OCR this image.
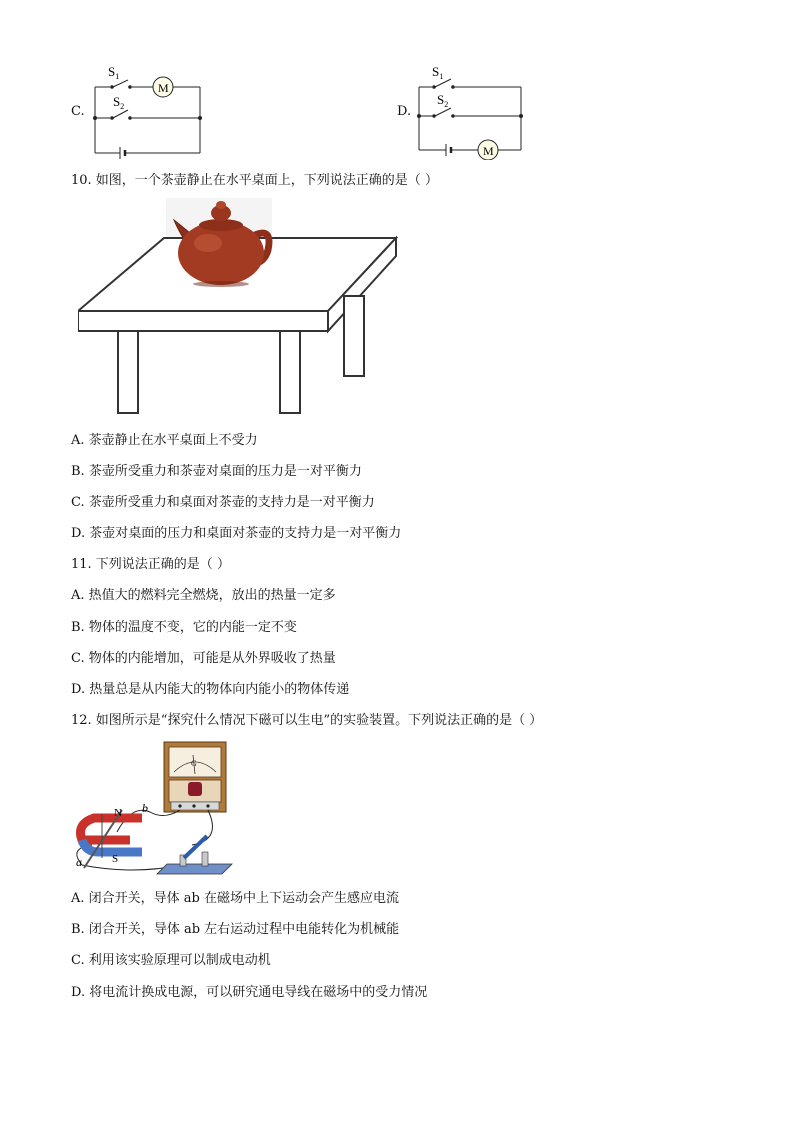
C.
$S_1$
$S_2$
M
D.
$S_1$
$S_2$
M
10. 如图，一个茶壶静止在水平桌面上，下列说法正确的是（ ）
A. 茶壶静止在水平桌面上不受力
B. 茶壶所受重力和茶壶对桌面的压力是一对平衡力
C. 茶壶所受重力和桌面对茶壶的支持力是一对平衡力
D. 茶壶对桌面的压力和桌面对茶壶的支持力是一对平衡力
11. 下列说法正确的是（ ）
A. 热值大的燃料完全燃烧，放出的热量一定多
B. 物体的温度不变，它的内能一定不变
C. 物体的内能增加，可能是从外界吸收了热量
D. 热量总是从内能大的物体向内能小的物体传递
12. 如图所示是“探究什么情况下磁可以生电”的实验装置。下列说法正确的是（ ）
G
N
S
a
b
A. 闭合开关，导体 ab 在磁场中上下运动会产生感应电流
B. 闭合开关，导体 ab 左右运动过程中电能转化为机械能
C. 利用该实验原理可以制成电动机
D. 将电流计换成电源，可以研究通电导线在磁场中的受力情况
